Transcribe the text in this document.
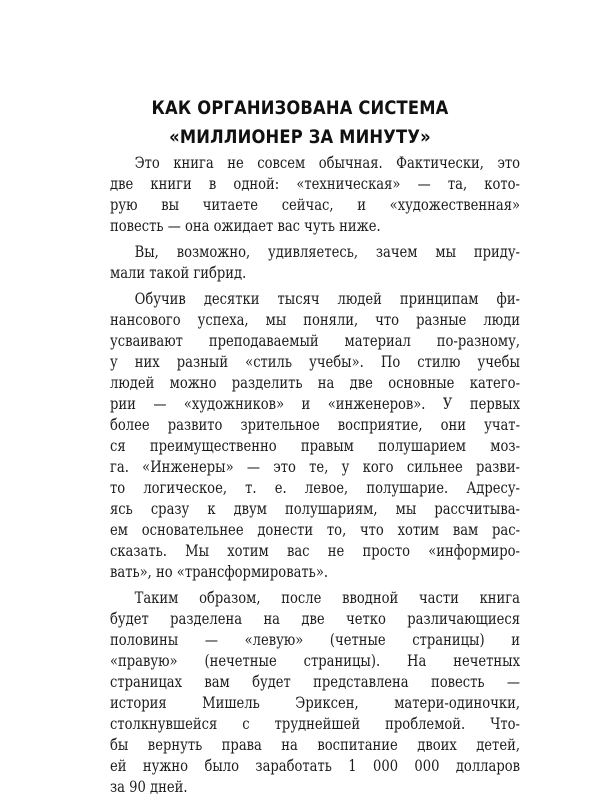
КАК ОРГАНИЗОВАНА СИСТЕМА
«МИЛЛИОНЕР ЗА МИНУТУ»
Это книга не совсем обычная. Фактически, это
две книги в одной: «техническая» — та, кото-
рую вы читаете сейчас, и «художественная»
повесть — она ожидает вас чуть ниже.
Вы, возможно, удивляетесь, зачем мы приду-
мали такой гибрид.
Обучив десятки тысяч людей принципам фи-
нансового успеха, мы поняли, что разные люди
усваивают преподаваемый материал по-разному,
у них разный «стиль учебы». По стилю учебы
людей можно разделить на две основные катего-
рии — «художников» и «инженеров». У первых
более развито зрительное восприятие, они учат-
ся преимущественно правым полушарием моз-
га. «Инженеры» — это те, у кого сильнее разви-
то логическое, т. е. левое, полушарие. Адресу-
ясь сразу к двум полушариям, мы рассчитыва-
ем основательнее донести то, что хотим вам рас-
сказать. Мы хотим вас не просто «информиро-
вать», но «трансформировать».
Таким образом, после вводной части книга
будет разделена на две четко различающиеся
половины — «левую» (четные страницы) и
«правую» (нечетные страницы). На нечетных
страницах вам будет представлена повесть —
история Мишель Эриксен, матери-одиночки,
столкнувшейся с труднейшей проблемой. Что-
бы вернуть права на воспитание двоих детей,
ей нужно было заработать 1 000 000 долларов
за 90 дней.
